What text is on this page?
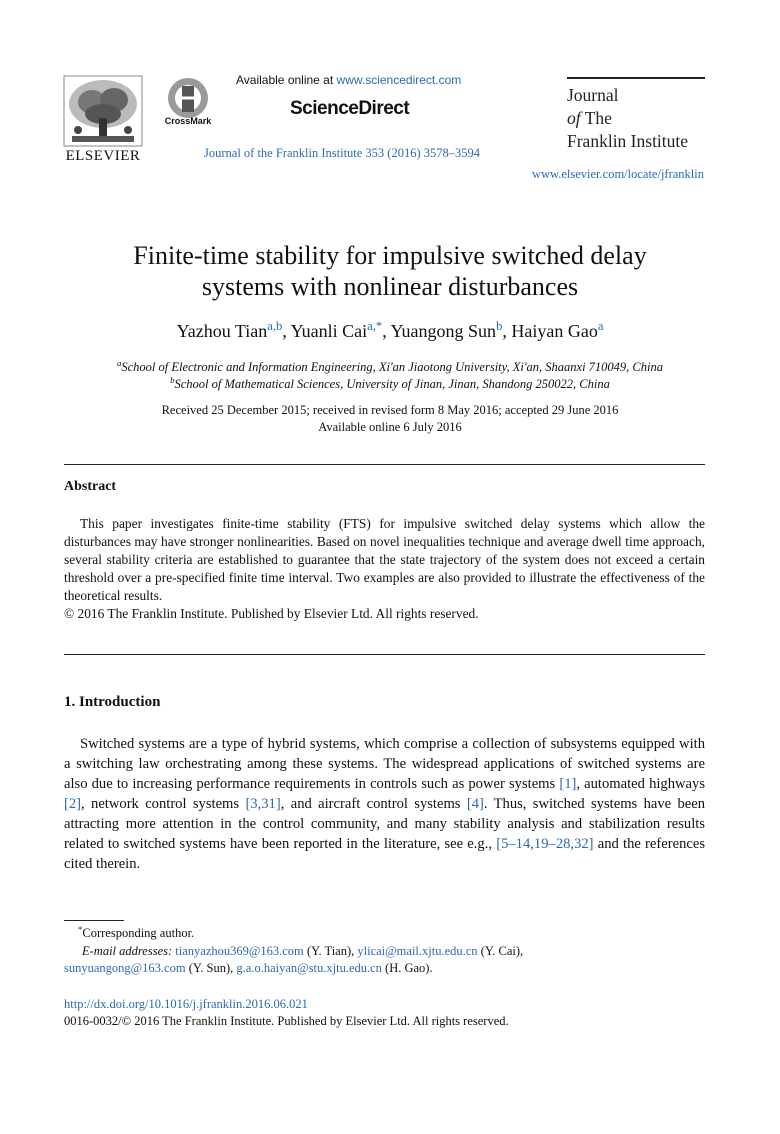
ELSEVIER
CrossMark
Available online at www.sciencedirect.com
ScienceDirect
Journal of the Franklin Institute 353 (2016) 3578–3594
Journal
of The
Franklin Institute
www.elsevier.com/locate/jfranklin
Finite-time stability for impulsive switched delay
systems with nonlinear disturbances
Yazhou Tian$^{a,b}$, Yuanli Cai$^{a,*}$, Yuangong Sun$^b$, Haiyan Gao$^a$
$^a$School of Electronic and Information Engineering, Xi'an Jiaotong University, Xi'an, Shaanxi 710049, China
$^b$School of Mathematical Sciences, University of Jinan, Jinan, Shandong 250022, China
Received 25 December 2015; received in revised form 8 May 2016; accepted 29 June 2016
Available online 6 July 2016
Abstract

This paper investigates finite-time stability (FTS) for impulsive switched delay systems which allow the disturbances may have stronger nonlinearities. Based on novel inequalities technique and average dwell time approach, several stability criteria are established to guarantee that the state trajectory of the system does not exceed a certain threshold over a pre-specified finite time interval. Two examples are also provided to illustrate the effectiveness of the theoretical results.

© 2016 The Franklin Institute. Published by Elsevier Ltd. All rights reserved.
1. Introduction

Switched systems are a type of hybrid systems, which comprise a collection of subsystems equipped with a switching law orchestrating among these systems. The widespread applications of switched systems are also due to increasing performance requirements in controls such as power systems [1], automated highways [2], network control systems [3,31], and aircraft control systems [4]. Thus, switched systems have been attracting more attention in the control community, and many stability analysis and stabilization results related to switched systems have been reported in the literature, see e.g., [5–14,19–28,32] and the references cited therein.

*Corresponding author.
E-mail addresses: tianyazhou369@163.com (Y. Tian), ylicai@mail.xjtu.edu.cn (Y. Cai),
sunyuangong@163.com (Y. Sun), g.a.o.haiyan@stu.xjtu.edu.cn (H. Gao).
http://dx.doi.org/10.1016/j.jfranklin.2016.06.021
0016-0032/© 2016 The Franklin Institute. Published by Elsevier Ltd. All rights reserved.
